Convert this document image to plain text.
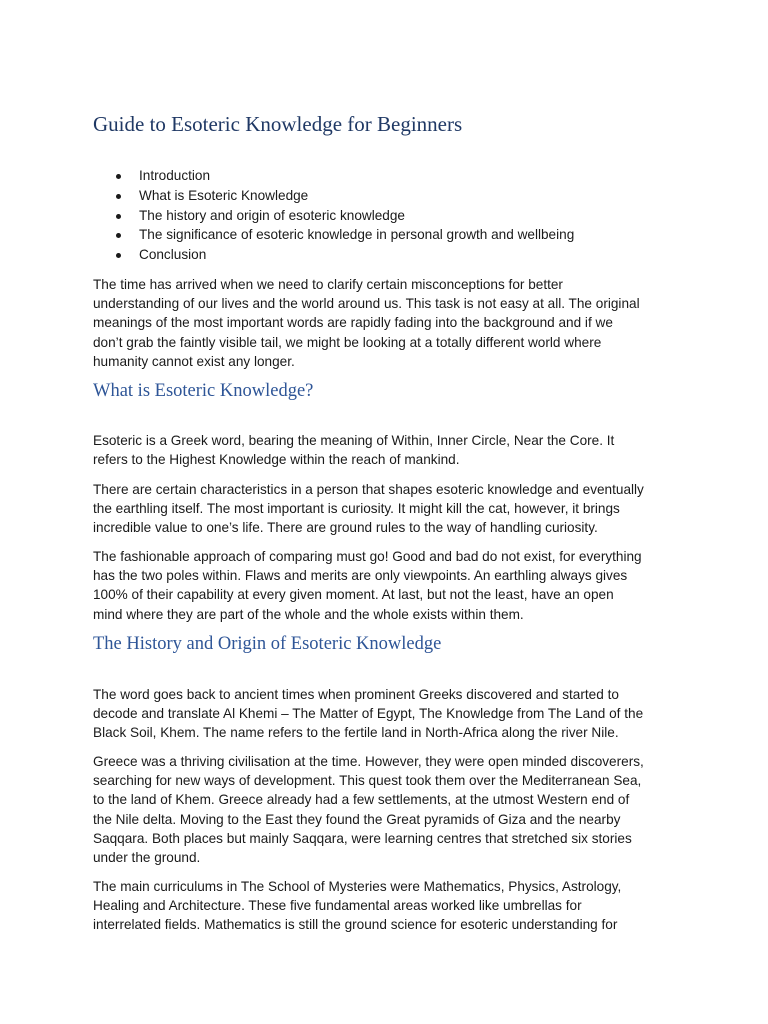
Guide to Esoteric Knowledge for Beginners
Introduction
What is Esoteric Knowledge
The history and origin of esoteric knowledge
The significance of esoteric knowledge in personal growth and wellbeing
Conclusion

The time has arrived when we need to clarify certain misconceptions for better
understanding of our lives and the world around us. This task is not easy at all. The original
meanings of the most important words are rapidly fading into the background and if we
don’t grab the faintly visible tail, we might be looking at a totally different world where
humanity cannot exist any longer.

What is Esoteric Knowledge?

Esoteric is a Greek word, bearing the meaning of Within, Inner Circle, Near the Core. It
refers to the Highest Knowledge within the reach of mankind.

There are certain characteristics in a person that shapes esoteric knowledge and eventually
the earthling itself. The most important is curiosity. It might kill the cat, however, it brings
incredible value to one’s life. There are ground rules to the way of handling curiosity.

The fashionable approach of comparing must go! Good and bad do not exist, for everything
has the two poles within. Flaws and merits are only viewpoints. An earthling always gives
100% of their capability at every given moment. At last, but not the least, have an open
mind where they are part of the whole and the whole exists within them.

The History and Origin of Esoteric Knowledge

The word goes back to ancient times when prominent Greeks discovered and started to
decode and translate Al Khemi – The Matter of Egypt, The Knowledge from The Land of the
Black Soil, Khem. The name refers to the fertile land in North-Africa along the river Nile.

Greece was a thriving civilisation at the time. However, they were open minded discoverers,
searching for new ways of development. This quest took them over the Mediterranean Sea,
to the land of Khem. Greece already had a few settlements, at the utmost Western end of
the Nile delta. Moving to the East they found the Great pyramids of Giza and the nearby
Saqqara. Both places but mainly Saqqara, were learning centres that stretched six stories
under the ground.

The main curriculums in The School of Mysteries were Mathematics, Physics, Astrology,
Healing and Architecture. These five fundamental areas worked like umbrellas for
interrelated fields. Mathematics is still the ground science for esoteric understanding for
